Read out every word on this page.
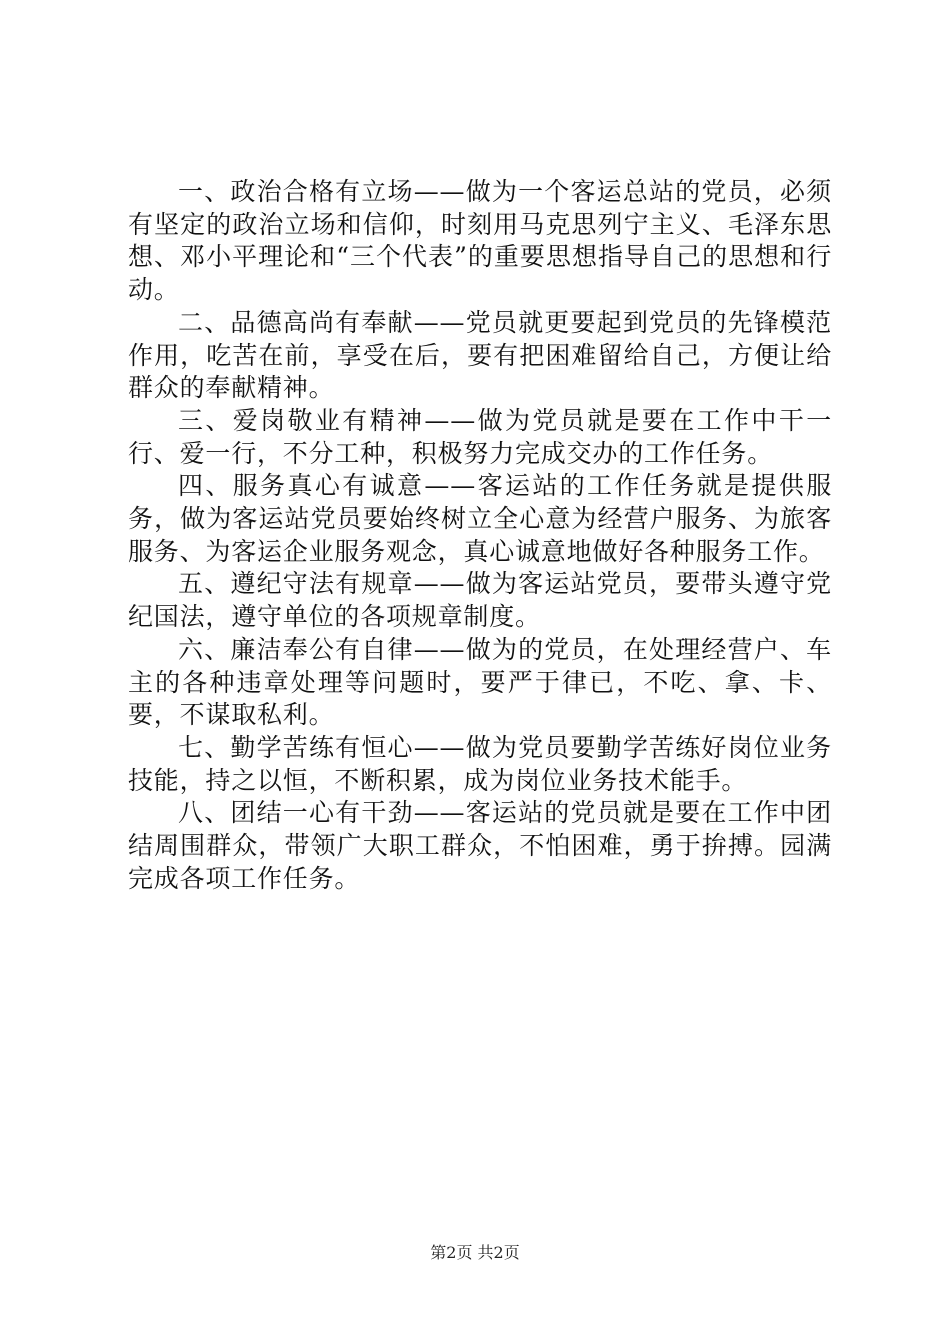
一、政治合格有立场——做为一个客运总站的党员，必须有坚定的政治立场和信仰，时刻用马克思列宁主义、毛泽东思想、邓小平理论和“三个代表”的重要思想指导自己的思想和行动。

二、品德高尚有奉献——党员就更要起到党员的先锋模范作用，吃苦在前，享受在后，要有把困难留给自己，方便让给群众的奉献精神。

三、爱岗敬业有精神——做为党员就是要在工作中干一行、爱一行，不分工种，积极努力完成交办的工作任务。

四、服务真心有诚意——客运站的工作任务就是提供服务，做为客运站党员要始终树立全心意为经营户服务、为旅客服务、为客运企业服务观念，真心诚意地做好各种服务工作。

五、遵纪守法有规章——做为客运站党员，要带头遵守党纪国法，遵守单位的各项规章制度。

六、廉洁奉公有自律——做为的党员，在处理经营户、车主的各种违章处理等问题时，要严于律已，不吃、拿、卡、要，不谋取私利。

七、勤学苦练有恒心——做为党员要勤学苦练好岗位业务技能，持之以恒，不断积累，成为岗位业务技术能手。

八、团结一心有干劲——客运站的党员就是要在工作中团结周围群众，带领广大职工群众，不怕困难，勇于拚搏。园满完成各项工作任务。

第2页 共2页
